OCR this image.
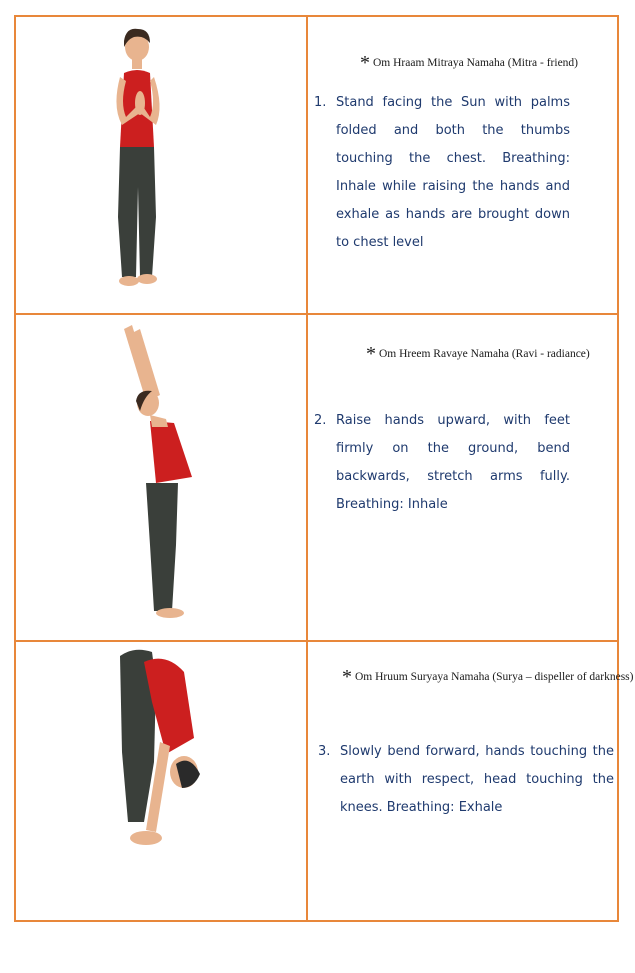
* Om Hraam Mitraya Namaha (Mitra - friend)
1. Stand facing the Sun with palms folded and both the thumbs touching the chest. Breathing: Inhale while raising the hands and exhale as hands are brought down to chest level

* Om Hreem Ravaye Namaha (Ravi - radiance)
2. Raise hands upward, with feet firmly on the ground, bend backwards, stretch arms fully. Breathing: Inhale

* Om Hruum Suryaya Namaha (Surya – dispeller of darkness)
3. Slowly bend forward, hands touching the earth with respect, head touching the knees. Breathing: Exhale
